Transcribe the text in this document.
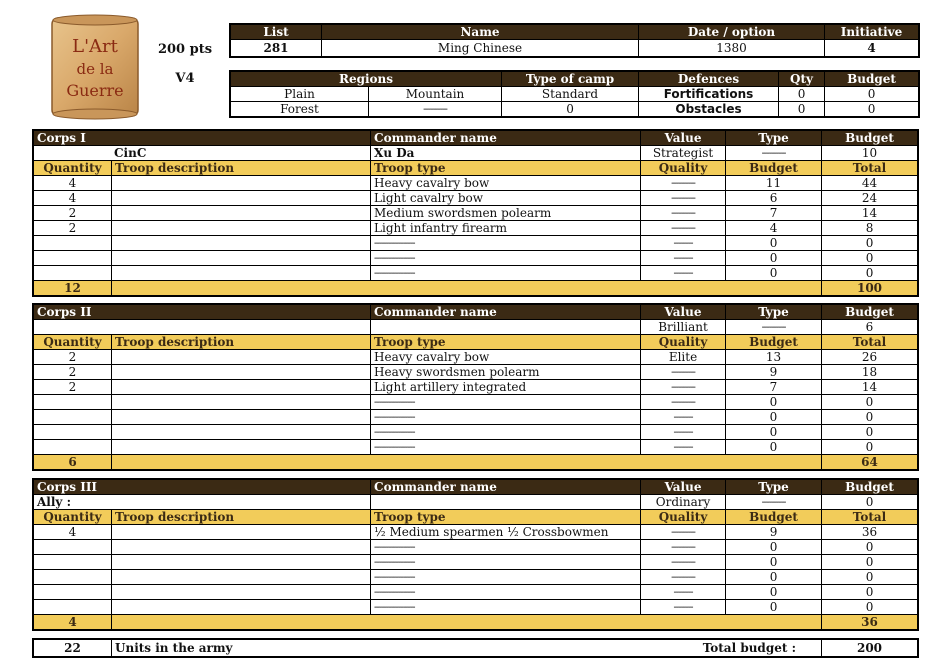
L'Art
de la
Guerre
200 pts
V4
List	Name	Date / option	Initiative
281	Ming Chinese	1380	4
Regions		Type of camp	Defences	Qty	Budget
Plain	Mountain	Standard	Fortifications	0	0
Forest	----------	0	Obstacles	0	0
Corps I		Commander name	Value	Type	Budget
CinC		Xu Da	Strategist	----------	10
Quantity	Troop description	Troop type	Quality	Budget	Total
4		Heavy cavalry bow	----------	11	44
4		Light cavalry bow	----------	6	24
2		Medium swordsmen polearm	----------	7	14
2		Light infantry firearm	----------	4	8
		-----------------	--------	0	0
		-----------------	--------	0	0
		-----------------	--------	0	0
12					100
Corps II		Commander name	Value	Type	Budget
			Brilliant	----------	6
Quantity	Troop description	Troop type	Quality	Budget	Total
2		Heavy cavalry bow	Elite	13	26
2		Heavy swordsmen polearm	----------	9	18
2		Light artillery integrated	----------	7	14
		-----------------	----------	0	0
		-----------------	--------	0	0
		-----------------	--------	0	0
		-----------------	--------	0	0
6					64
Corps III		Commander name	Value	Type	Budget
Ally :			Ordinary	----------	0
Quantity	Troop description	Troop type	Quality	Budget	Total
4		½ Medium spearmen ½ Crossbowmen	----------	9	36
		-----------------	----------	0	0
		-----------------	----------	0	0
		-----------------	----------	0	0
		-----------------	--------	0	0
		-----------------	--------	0	0
4					36
22	Units in the army	Total budget :	200
